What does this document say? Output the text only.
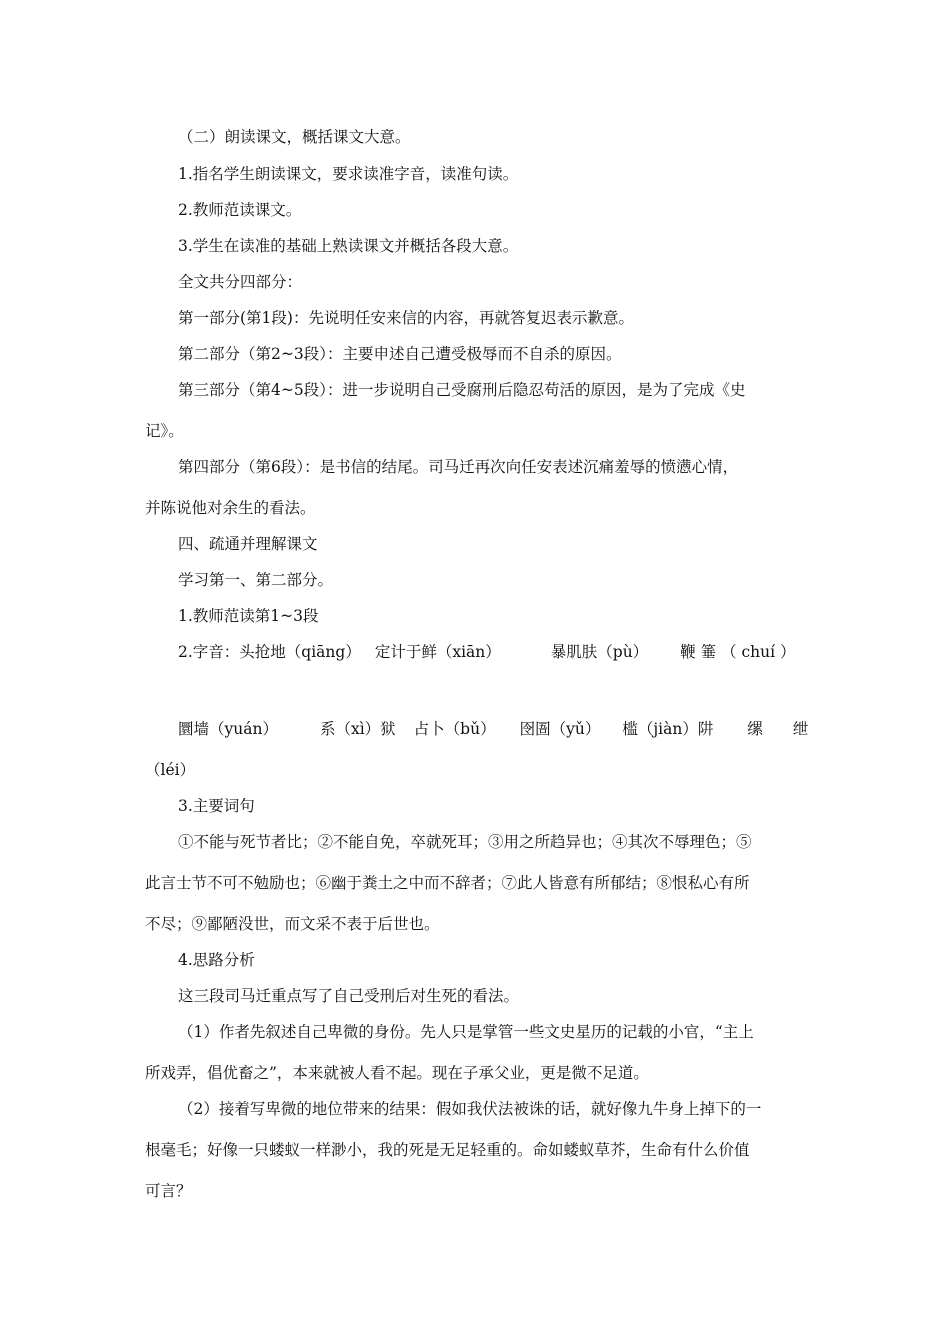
（二）朗读课文，概括课文大意。

1.指名学生朗读课文，要求读准字音，读准句读。

2.教师范读课文。

3.学生在读准的基础上熟读课文并概括各段大意。

全文共分四部分：

第一部分(第1段)：先说明任安来信的内容，再就答复迟表示歉意。

第二部分（第2~3段）：主要申述自己遭受极辱而不自杀的原因。

第三部分（第4~5段）：进一步说明自己受腐刑后隐忍苟活的原因，是为了完成《史

记》。

第四部分（第6段）：是书信的结尾。司马迁再次向任安表述沉痛羞辱的愤懑心情，

并陈说他对余生的看法。

四、疏通并理解课文

学习第一、第二部分。

1.教师范读第1~3段

2.字音：头抢地（qiāng） 定计于鲜（xiān）	暴肌肤（pù） 鞭 箠 （ chuí ）
圜墙（yuán）	系（xì）狱 占卜（bǔ） 囹圄（yǔ） 槛（jiàn）阱 缧 绁

（léi）

3.主要词句

①不能与死节者比；②不能自免，卒就死耳；③用之所趋异也；④其次不辱理色；⑤

此言士节不可不勉励也；⑥幽于粪土之中而不辞者；⑦此人皆意有所郁结；⑧恨私心有所

不尽；⑨鄙陋没世，而文采不表于后世也。

4.思路分析

这三段司马迁重点写了自己受刑后对生死的看法。

（1）作者先叙述自己卑微的身份。先人只是掌管一些文史星历的记载的小官，“主上

所戏弄，倡优畜之”，本来就被人看不起。现在子承父业，更是微不足道。

（2）接着写卑微的地位带来的结果：假如我伏法被诛的话，就好像九牛身上掉下的一

根毫毛；好像一只蝼蚁一样渺小，我的死是无足轻重的。命如蝼蚁草芥，生命有什么价值

可言？
